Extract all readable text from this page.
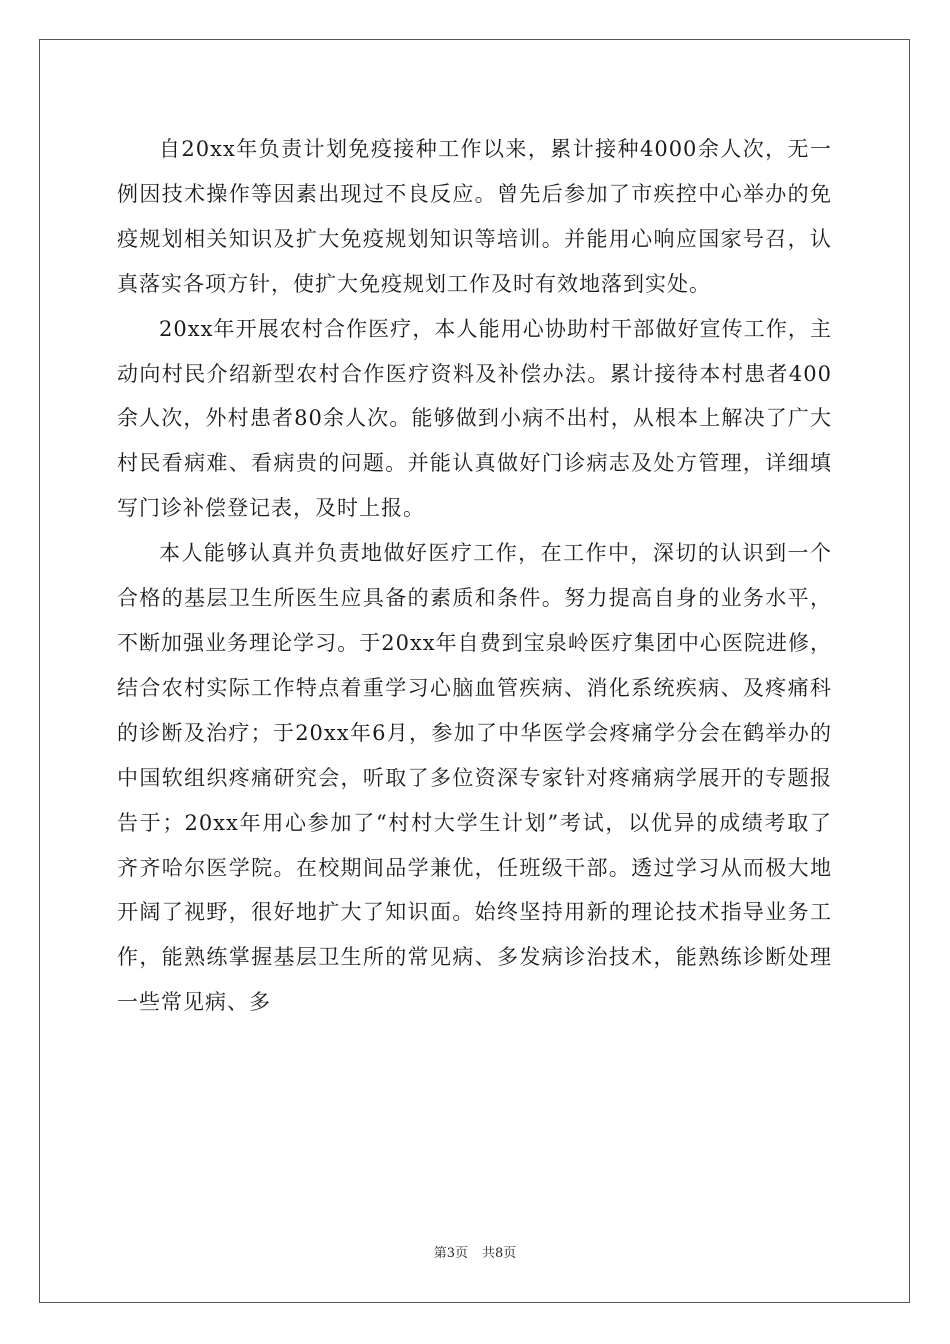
自20xx年负责计划免疫接种工作以来，累计接种4000余人次，无一例因技术操作等因素出现过不良反应。曾先后参加了市疾控中心举办的免疫规划相关知识及扩大免疫规划知识等培训。并能用心响应国家号召，认真落实各项方针，使扩大免疫规划工作及时有效地落到实处。

20xx年开展农村合作医疗，本人能用心协助村干部做好宣传工作，主动向村民介绍新型农村合作医疗资料及补偿办法。累计接待本村患者400余人次，外村患者80余人次。能够做到小病不出村，从根本上解决了广大村民看病难、看病贵的问题。并能认真做好门诊病志及处方管理，详细填写门诊补偿登记表，及时上报。

本人能够认真并负责地做好医疗工作，在工作中，深切的认识到一个合格的基层卫生所医生应具备的素质和条件。努力提高自身的业务水平，不断加强业务理论学习。于20xx年自费到宝泉岭医疗集团中心医院进修，结合农村实际工作特点着重学习心脑血管疾病、消化系统疾病、及疼痛科的诊断及治疗；于20xx年6月，参加了中华医学会疼痛学分会在鹤举办的中国软组织疼痛研究会，听取了多位资深专家针对疼痛病学展开的专题报告于；20xx年用心参加了“村村大学生计划”考试，以优异的成绩考取了齐齐哈尔医学院。在校期间品学兼优，任班级干部。透过学习从而极大地开阔了视野，很好地扩大了知识面。始终坚持用新的理论技术指导业务工作，能熟练掌握基层卫生所的常见病、多发病诊治技术，能熟练诊断处理一些常见病、多

第3页 共8页
